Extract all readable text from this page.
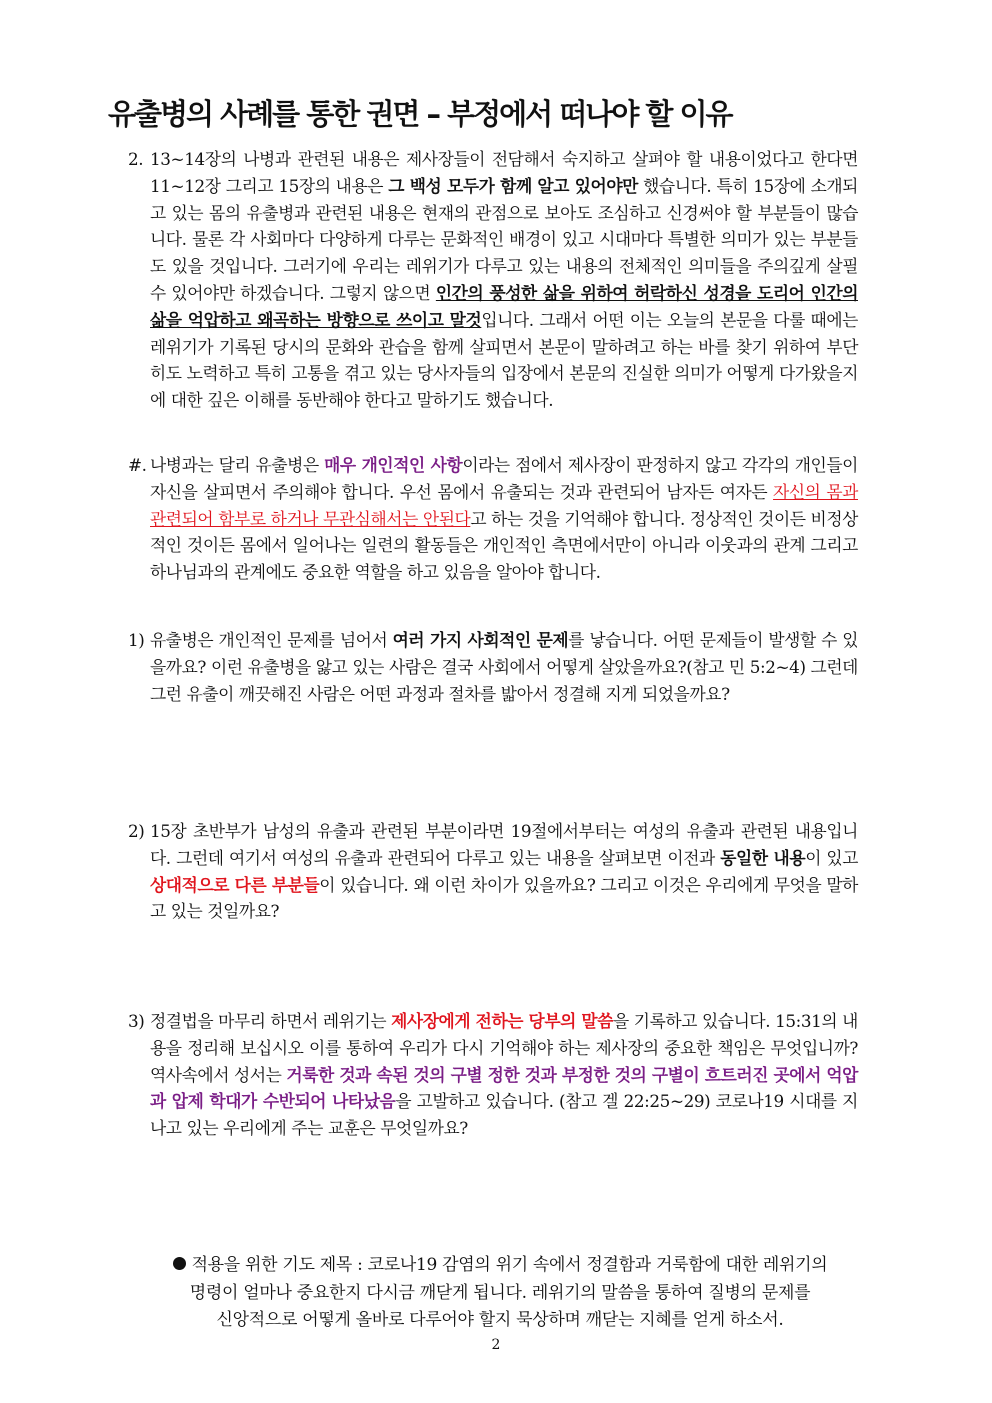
유출병의 사례를 통한 권면 – 부정에서 떠나야 할 이유
2. 13~14장의 나병과 관련된 내용은 제사장들이 전담해서 숙지하고 살펴야 할 내용이었다고 한다면 11~12장 그리고 15장의 내용은 그 백성 모두가 함께 알고 있어야만 했습니다. 특히 15장에 소개되고 있는 몸의 유출병과 관련된 내용은 현재의 관점으로 보아도 조심하고 신경써야 할 부분들이 많습니다. 물론 각 사회마다 다양하게 다루는 문화적인 배경이 있고 시대마다 특별한 의미가 있는 부분들도 있을 것입니다. 그러기에 우리는 레위기가 다루고 있는 내용의 전체적인 의미들을 주의깊게 살필 수 있어야만 하겠습니다. 그렇지 않으면 인간의 풍성한 삶을 위하여 허락하신 성경을 도리어 인간의 삶을 억압하고 왜곡하는 방향으로 쓰이고 말것입니다. 그래서 어떤 이는 오늘의 본문을 다룰 때에는 레위기가 기록된 당시의 문화와 관습을 함께 살피면서 본문이 말하려고 하는 바를 찾기 위하여 부단히도 노력하고 특히 고통을 겪고 있는 당사자들의 입장에서 본문의 진실한 의미가 어떻게 다가왔을지에 대한 깊은 이해를 동반해야 한다고 말하기도 했습니다.
#. 나병과는 달리 유출병은 매우 개인적인 사항이라는 점에서 제사장이 판정하지 않고 각각의 개인들이 자신을 살피면서 주의해야 합니다. 우선 몸에서 유출되는 것과 관련되어 남자든 여자든 자신의 몸과 관련되어 함부로 하거나 무관심해서는 안된다고 하는 것을 기억해야 합니다. 정상적인 것이든 비정상적인 것이든 몸에서 일어나는 일련의 활동들은 개인적인 측면에서만이 아니라 이웃과의 관계 그리고 하나님과의 관계에도 중요한 역할을 하고 있음을 알아야 합니다.
1) 유출병은 개인적인 문제를 넘어서 여러 가지 사회적인 문제를 낳습니다. 어떤 문제들이 발생할 수 있을까요? 이런 유출병을 앓고 있는 사람은 결국 사회에서 어떻게 살았을까요?(참고 민 5:2~4) 그런데 그런 유출이 깨끗해진 사람은 어떤 과정과 절차를 밟아서 정결해 지게 되었을까요?
2) 15장 초반부가 남성의 유출과 관련된 부분이라면 19절에서부터는 여성의 유출과 관련된 내용입니다. 그런데 여기서 여성의 유출과 관련되어 다루고 있는 내용을 살펴보면 이전과 동일한 내용이 있고 상대적으로 다른 부분들이 있습니다. 왜 이런 차이가 있을까요? 그리고 이것은 우리에게 무엇을 말하고 있는 것일까요?
3) 정결법을 마무리 하면서 레위기는 제사장에게 전하는 당부의 말씀을 기록하고 있습니다. 15:31의 내용을 정리해 보십시오 이를 통하여 우리가 다시 기억해야 하는 제사장의 중요한 책임은 무엇입니까? 역사속에서 성서는 거룩한 것과 속된 것의 구별 정한 것과 부정한 것의 구별이 흐트러진 곳에서 억압과 압제 학대가 수반되어 나타났음을 고발하고 있습니다. (참고 겔 22:25~29) 코로나19 시대를 지나고 있는 우리에게 주는 교훈은 무엇일까요?
적용을 위한 기도 제목 : 코로나19 감염의 위기 속에서 정결함과 거룩함에 대한 레위기의
명령이 얼마나 중요한지 다시금 깨닫게 됩니다. 레위기의 말씀을 통하여 질병의 문제를
신앙적으로 어떻게 올바로 다루어야 할지 묵상하며 깨닫는 지혜를 얻게 하소서.
2
